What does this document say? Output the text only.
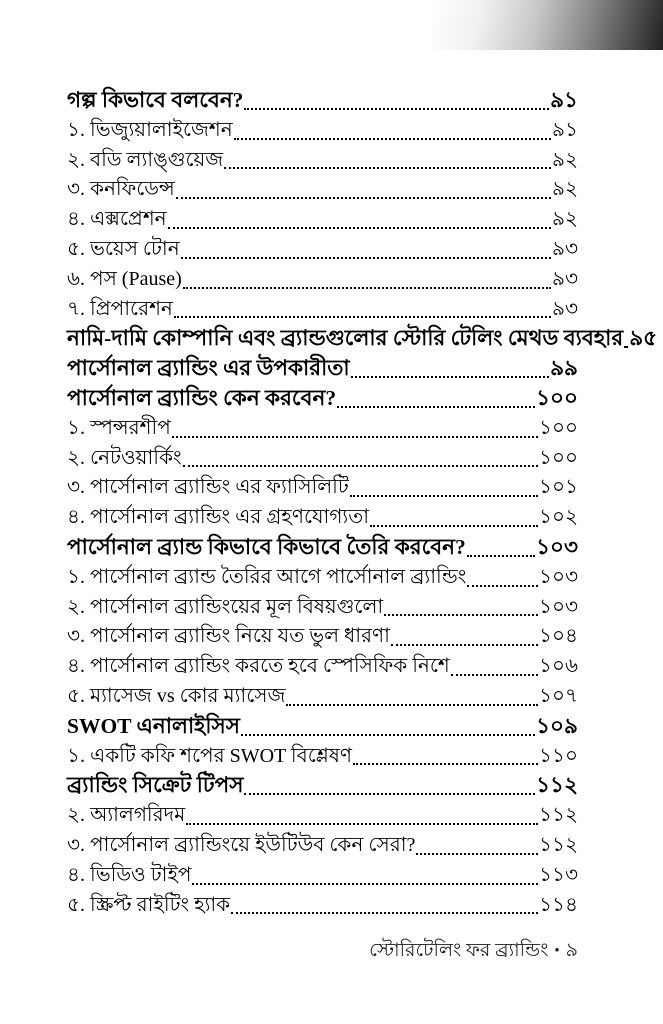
গল্প কিভাবে বলবেন?	৯১
১. ভিজ্যুয়ালাইজেশন	৯১
২. বডি ল্যাঙ্গুয়েজ	৯২
৩. কনফিডেন্স	৯২
৪. এক্সপ্রেশন	৯২
৫. ভয়েস টোন	৯৩
৬. পস (Pause)	৯৩
৭. প্রিপারেশন	৯৩
নামি-দামি কোম্পানি এবং ব্র্যান্ডগুলোর স্টোরি টেলিং মেথড ব্যবহার ৯৫
পার্সোনাল ব্র্যান্ডিং এর উপকারীতা	৯৯
পার্সোনাল ব্র্যান্ডিং কেন করবেন?	১০০
১. স্পন্সরশীপ	১০০
২. নেটওয়ার্কিং	১০০
৩. পার্সোনাল ব্র্যান্ডিং এর ফ্যাসিলিটি	১০১
৪. পার্সোনাল ব্র্যান্ডিং এর গ্রহণযোগ্যতা	১০২
পার্সোনাল ব্র্যান্ড কিভাবে কিভাবে তৈরি করবেন?	১০৩
১. পার্সোনাল ব্র্যান্ড তৈরির আগে পার্সোনাল ব্র্যান্ডিং	১০৩
২. পার্সোনাল ব্র্যান্ডিংয়ের মূল বিষয়গুলো	১০৩
৩. পার্সোনাল ব্র্যান্ডিং নিয়ে যত ভুল ধারণা	১০৪
৪. পার্সোনাল ব্র্যান্ডিং করতে হবে স্পেসিফিক নিশে	১০৬
৫. ম্যাসেজ vs কোর ম্যাসেজ	১০৭
SWOT এনালাইসিস	১০৯
১. একটি কফি শপের SWOT বিশ্লেষণ	১১০
ব্র্যান্ডিং সিক্রেট টিপস	১১২
২. অ্যালগরিদম	১১২
৩. পার্সোনাল ব্র্যান্ডিংয়ে ইউটিউব কেন সেরা?	১১২
৪. ভিডিও টাইপ	১১৩
৫. স্ক্রিপ্ট রাইটিং হ্যাক	১১৪
স্টোরিটেলিং ফর ব্র্যান্ডিং • ৯
